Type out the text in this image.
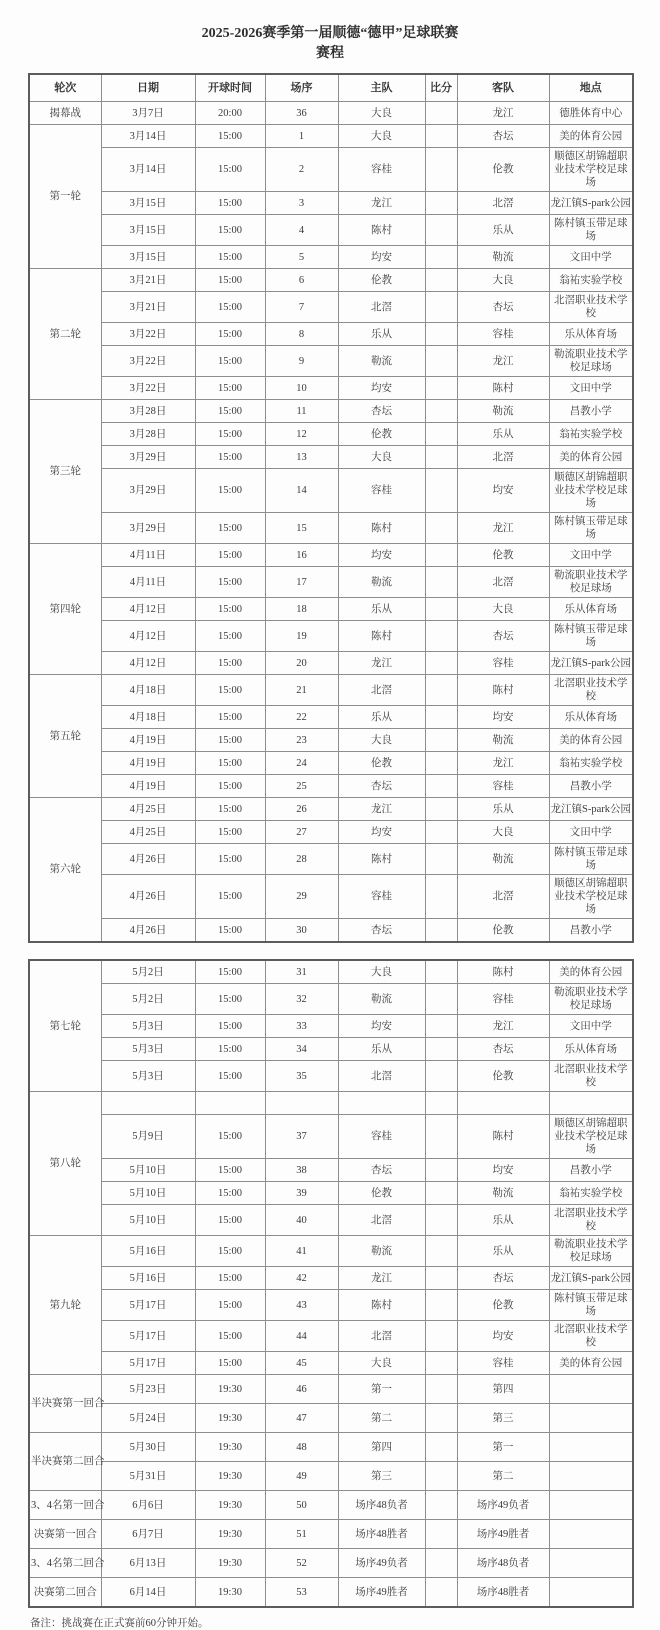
2025-2026赛季第一届顺德“德甲”足球联赛
赛程
轮次	日期	开球时间	场序	主队	比分	客队	地点
揭幕战	3月7日	20:00	36	大良		龙江	德胜体育中心
第一轮	3月14日	15:00	1	大良		杏坛	美的体育公园
	3月14日	15:00	2	容桂		伦教	顺德区胡锦超职业技术学校足球场
	3月15日	15:00	3	龙江		北滘	龙江镇S-park公园
	3月15日	15:00	4	陈村		乐从	陈村镇玉带足球场
	3月15日	15:00	5	均安		勒流	文田中学
第二轮	3月21日	15:00	6	伦教		大良	翁祐实验学校
	3月21日	15:00	7	北滘		杏坛	北滘职业技术学校
	3月22日	15:00	8	乐从		容桂	乐从体育场
	3月22日	15:00	9	勒流		龙江	勒流职业技术学校足球场
	3月22日	15:00	10	均安		陈村	文田中学
第三轮	3月28日	15:00	11	杏坛		勒流	昌教小学
	3月28日	15:00	12	伦教		乐从	翁祐实验学校
	3月29日	15:00	13	大良		北滘	美的体育公园
	3月29日	15:00	14	容桂		均安	顺德区胡锦超职业技术学校足球场
	3月29日	15:00	15	陈村		龙江	陈村镇玉带足球场
第四轮	4月11日	15:00	16	均安		伦教	文田中学
	4月11日	15:00	17	勒流		北滘	勒流职业技术学校足球场
	4月12日	15:00	18	乐从		大良	乐从体育场
	4月12日	15:00	19	陈村		杏坛	陈村镇玉带足球场
	4月12日	15:00	20	龙江		容桂	龙江镇S-park公园
第五轮	4月18日	15:00	21	北滘		陈村	北滘职业技术学校
	4月18日	15:00	22	乐从		均安	乐从体育场
	4月19日	15:00	23	大良		勒流	美的体育公园
	4月19日	15:00	24	伦教		龙江	翁祐实验学校
	4月19日	15:00	25	杏坛		容桂	昌教小学
第六轮	4月25日	15:00	26	龙江		乐从	龙江镇S-park公园
	4月25日	15:00	27	均安		大良	文田中学
	4月26日	15:00	28	陈村		勒流	陈村镇玉带足球场
	4月26日	15:00	29	容桂		北滘	顺德区胡锦超职业技术学校足球场
	4月26日	15:00	30	杏坛		伦教	昌教小学
第七轮	5月2日	15:00	31	大良		陈村	美的体育公园
	5月2日	15:00	32	勒流		容桂	勒流职业技术学校足球场
	5月3日	15:00	33	均安		龙江	文田中学
	5月3日	15:00	34	乐从		杏坛	乐从体育场
	5月3日	15:00	35	北滘		伦教	北滘职业技术学校
第八轮							
	5月9日	15:00	37	容桂		陈村	顺德区胡锦超职业技术学校足球场
	5月10日	15:00	38	杏坛		均安	昌教小学
	5月10日	15:00	39	伦教		勒流	翁祐实验学校
	5月10日	15:00	40	北滘		乐从	北滘职业技术学校
第九轮	5月16日	15:00	41	勒流		乐从	勒流职业技术学校足球场
	5月16日	15:00	42	龙江		杏坛	龙江镇S-park公园
	5月17日	15:00	43	陈村		伦教	陈村镇玉带足球场
	5月17日	15:00	44	北滘		均安	北滘职业技术学校
	5月17日	15:00	45	大良		容桂	美的体育公园
半决赛第一回合	5月23日	19:30	46	第一		第四	
	5月24日	19:30	47	第二		第三	
半决赛第二回合	5月30日	19:30	48	第四		第一	
	5月31日	19:30	49	第三		第二	
3、4名第一回合	6月6日	19:30	50	场序48负者		场序49负者	
决赛第一回合	6月7日	19:30	51	场序48胜者		场序49胜者	
3、4名第二回合	6月13日	19:30	52	场序49负者		场序48负者	
决赛第二回合	6月14日	19:30	53	场序49胜者		场序48胜者	
备注：挑战赛在正式赛前60分钟开始。
